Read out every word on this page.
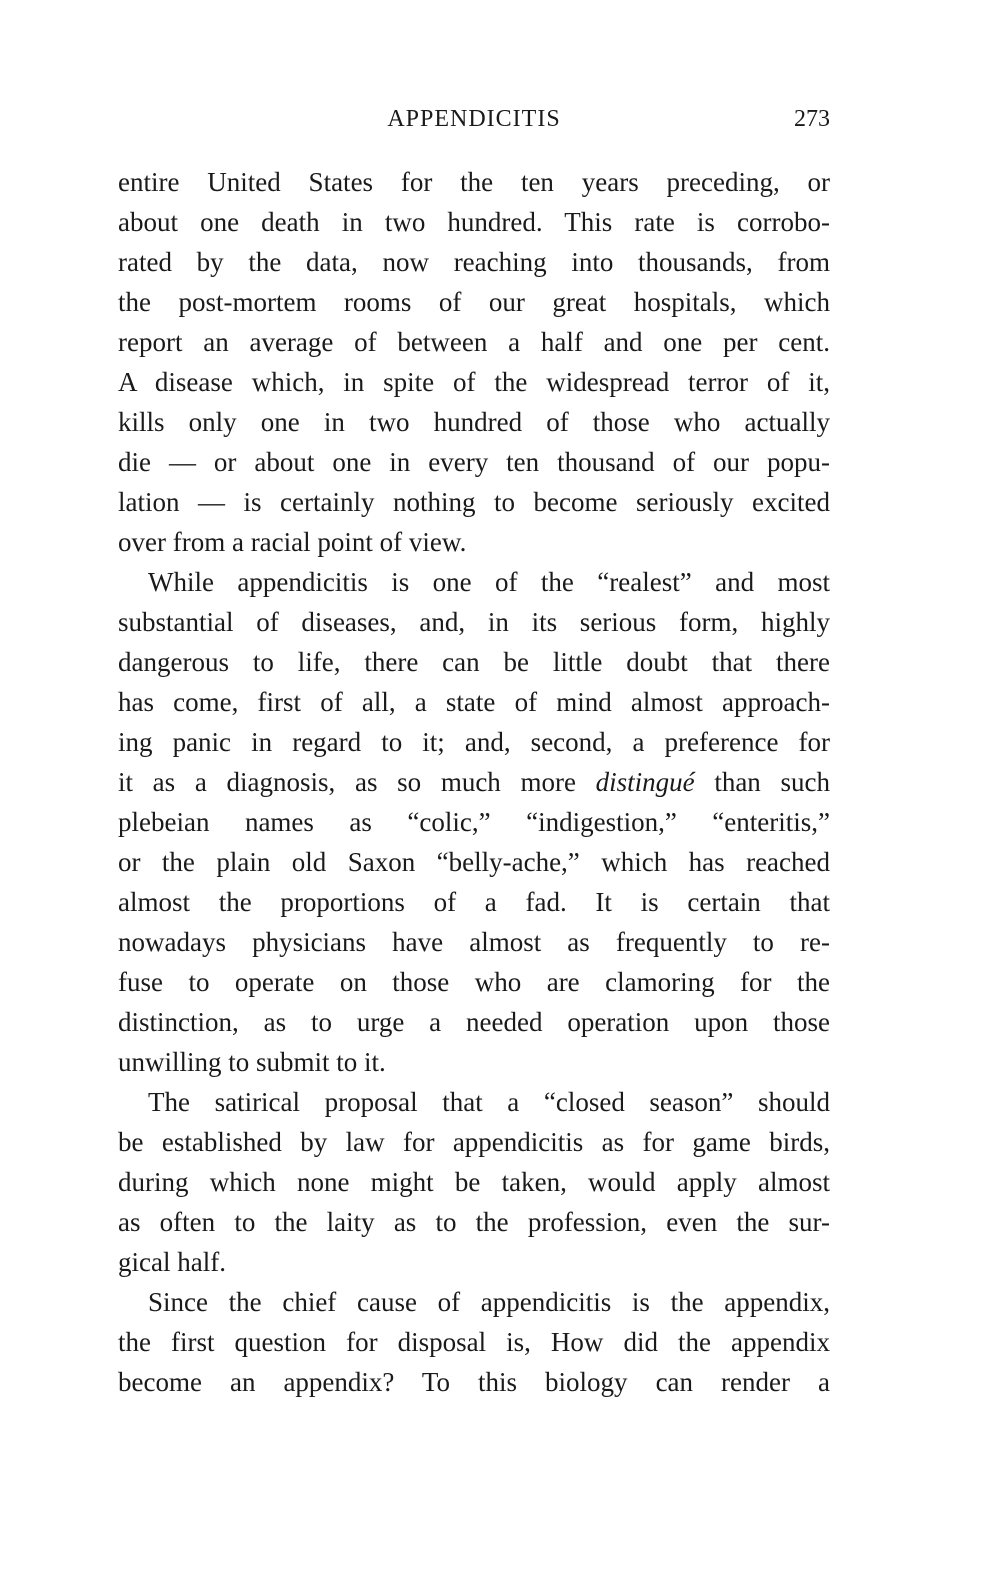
APPENDICITIS	273

entire United States for the ten years preceding, or
about one death in two hundred. This rate is corrobo-
rated by the data, now reaching into thousands, from
the post-mortem rooms of our great hospitals, which
report an average of between a half and one per cent.
A disease which, in spite of the widespread terror of it,
kills only one in two hundred of those who actually
die — or about one in every ten thousand of our popu-
lation — is certainly nothing to become seriously excited
over from a racial point of view.

While appendicitis is one of the “realest” and most
substantial of diseases, and, in its serious form, highly
dangerous to life, there can be little doubt that there
has come, first of all, a state of mind almost approach-
ing panic in regard to it; and, second, a preference for
it as a diagnosis, as so much more distingué than such
plebeian names as “colic,” “indigestion,” “enteritis,”
or the plain old Saxon “belly-ache,” which has reached
almost the proportions of a fad. It is certain that
nowadays physicians have almost as frequently to re-
fuse to operate on those who are clamoring for the
distinction, as to urge a needed operation upon those
unwilling to submit to it.

The satirical proposal that a “closed season” should
be established by law for appendicitis as for game birds,
during which none might be taken, would apply almost
as often to the laity as to the profession, even the sur-
gical half.

Since the chief cause of appendicitis is the appendix,
the first question for disposal is, How did the appendix
become an appendix? To this biology can render a
